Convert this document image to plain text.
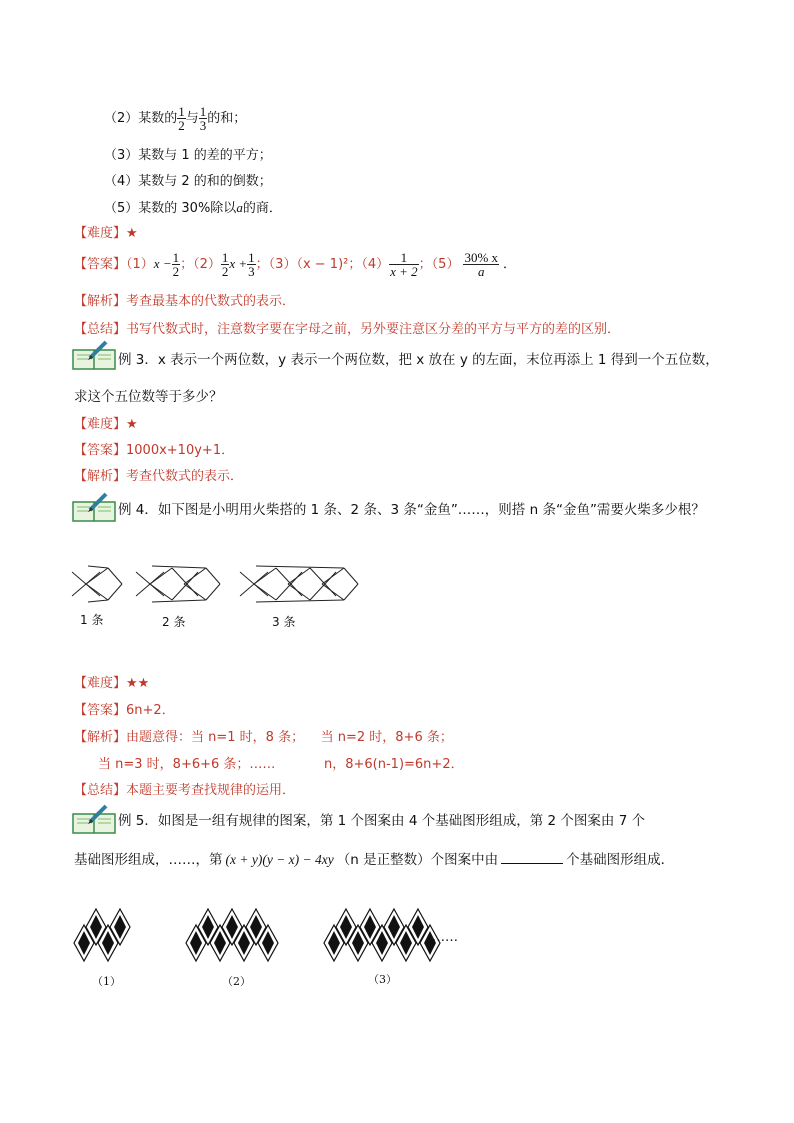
（2）某数的 $\frac{1}{2}$ 与 $\frac{1}{3}$ 的和；
（3）某数与 1 的差的平方；
（4）某数与 2 的和的倒数；
（5）某数的 30%除以a的商．
【难度】★
【答案】$(1)x - \frac{1}{2}$ ；$(2) \frac{1}{2}$ $x + \frac{1}{3}$ ；（3）（x − 1)²；$(4) \frac{1}{x + 2}$ ；$(5) \frac{30\% x}{a}$ ．
【解析】考查最基本的代数式的表示．
【总结】书写代数式时，注意数字要在字母之前，另外要注意区分差的平方与平方的差的区别．
例 3．x 表示一个两位数，y 表示一个两位数，把 x 放在 y 的左面，末位再添上 1 得到一个五位数，
求这个五位数等于多少？
【难度】★
【答案】1000x+10y+1．
【解析】考查代数式的表示．
例 4．如下图是小明用火柴搭的 1 条、2 条、3 条“金鱼”……，则搭 n 条“金鱼”需要火柴多少根？
1 条	2 条	3 条
【难度】★★
【答案】6n+2．
【解析】由题意得：当 n=1 时，8 条；    当 n=2 时，8+6 条；
当 n=3 时，8+6+6 条；……	n，8+6(n-1)=6n+2．
【总结】本题主要考查找规律的运用．
例 5．如图是一组有规律的图案，第 1 个图案由 4 个基础图形组成，第 2 个图案由 7 个
基础图形组成，……，第 (x + y)(y − x) − 4xy （n 是正整数）个图案中由	个基础图形组成．
……
（1）	（2）	（3）
